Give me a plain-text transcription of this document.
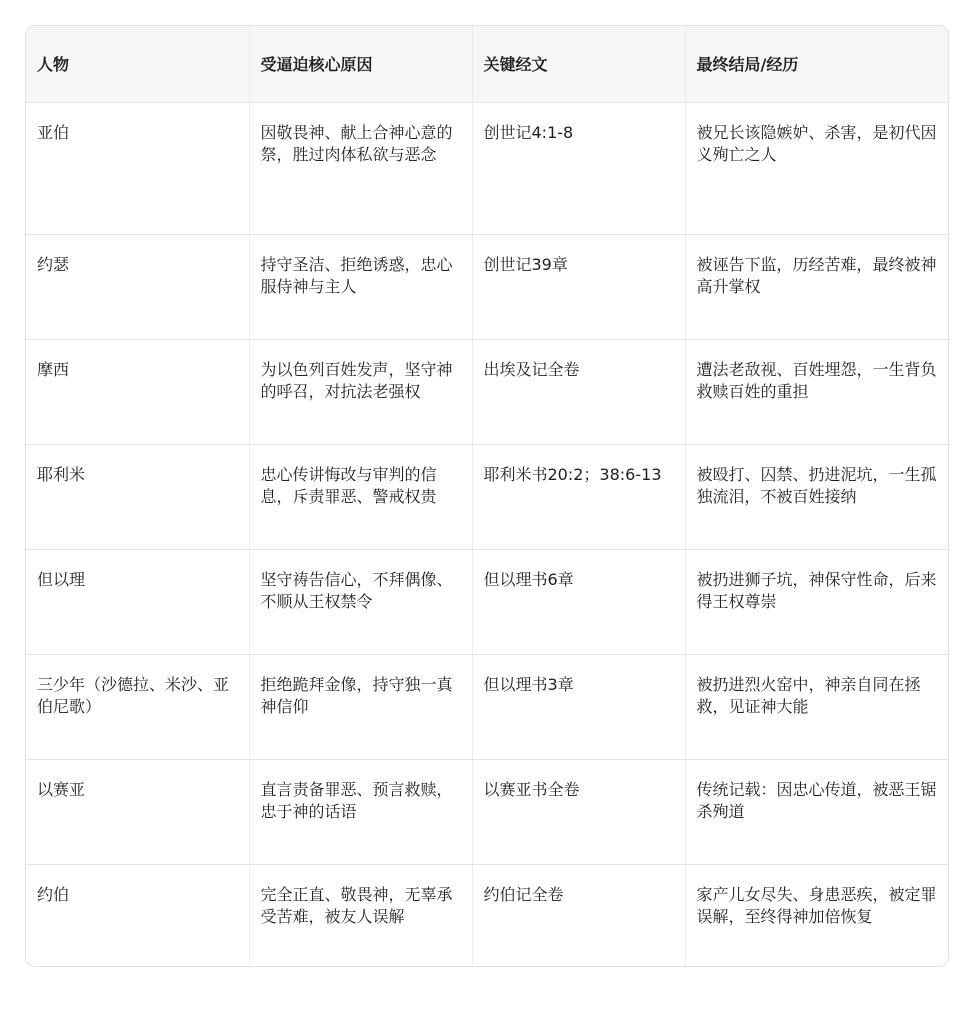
人物	受逼迫核心原因	关键经文	最终结局/经历
亚伯	因敬畏神、献上合神心意的祭，胜过肉体私欲与恶念	创世记4:1-8	被兄长该隐嫉妒、杀害，是初代因义殉亡之人
约瑟	持守圣洁、拒绝诱惑，忠心服侍神与主人	创世记39章	被诬告下监，历经苦难，最终被神高升掌权
摩西	为以色列百姓发声，坚守神的呼召，对抗法老强权	出埃及记全卷	遭法老敌视、百姓埋怨，一生背负救赎百姓的重担
耶利米	忠心传讲悔改与审判的信息，斥责罪恶、警戒权贵	耶利米书20:2；38:6-13	被殴打、囚禁、扔进泥坑，一生孤独流泪，不被百姓接纳
但以理	坚守祷告信心，不拜偶像、不顺从王权禁令	但以理书6章	被扔进狮子坑，神保守性命，后来得王权尊崇
三少年（沙德拉、米沙、亚伯尼歌）	拒绝跪拜金像，持守独一真神信仰	但以理书3章	被扔进烈火窑中，神亲自同在拯救，见证神大能
以赛亚	直言责备罪恶、预言救赎，忠于神的话语	以赛亚书全卷	传统记载：因忠心传道，被恶王锯杀殉道
约伯	完全正直、敬畏神，无辜承受苦难，被友人误解	约伯记全卷	家产儿女尽失、身患恶疾，被定罪误解，至终得神加倍恢复
